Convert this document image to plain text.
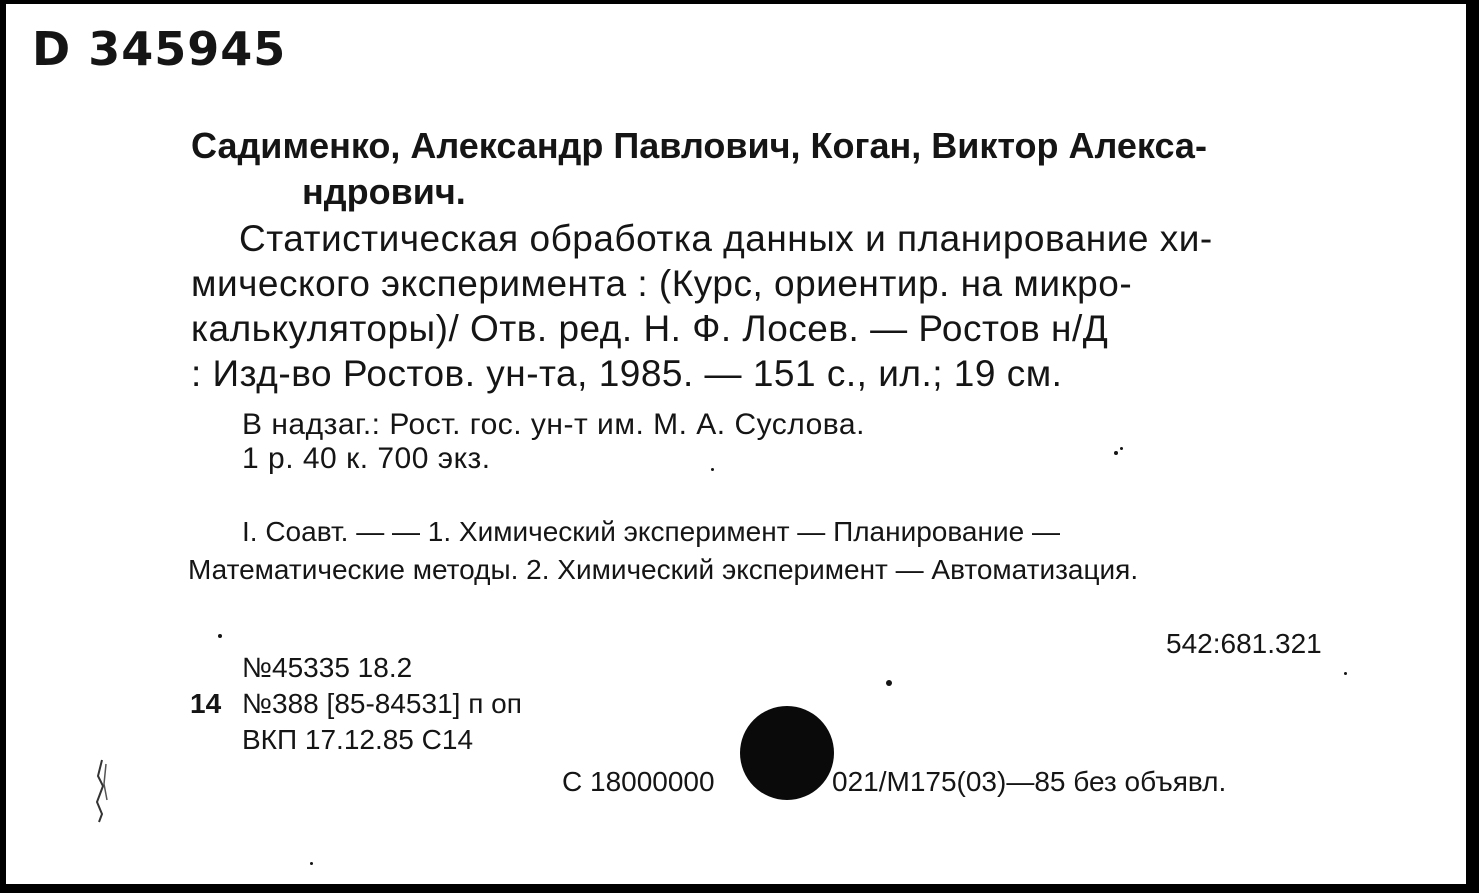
D 345945
Садименко, Александр Павлович, Коган, Виктор Алекса-
ндрович.
Статистическая обработка данных и планирование хи-
мического эксперимента : (Курс, ориентир. на микро-
калькуляторы)/ Отв. ред. Н. Ф. Лосев. — Ростов н/Д
: Изд-во Ростов. ун-та, 1985. — 151 с., ил.; 19 см.
В надзаг.: Рост. гос. ун-т им. М. А. Суслова.
1 р. 40 к. 700 экз.
I. Соавт. — — 1. Химический эксперимент — Планирование —
Математические методы. 2. Химический эксперимент — Автоматизация.
542:681.321
№45335 18.2
14 №388 [85-84531] п оп
ВКП 17.12.85 С14
С 18000000	021/М175(03)—85 без объявл.
